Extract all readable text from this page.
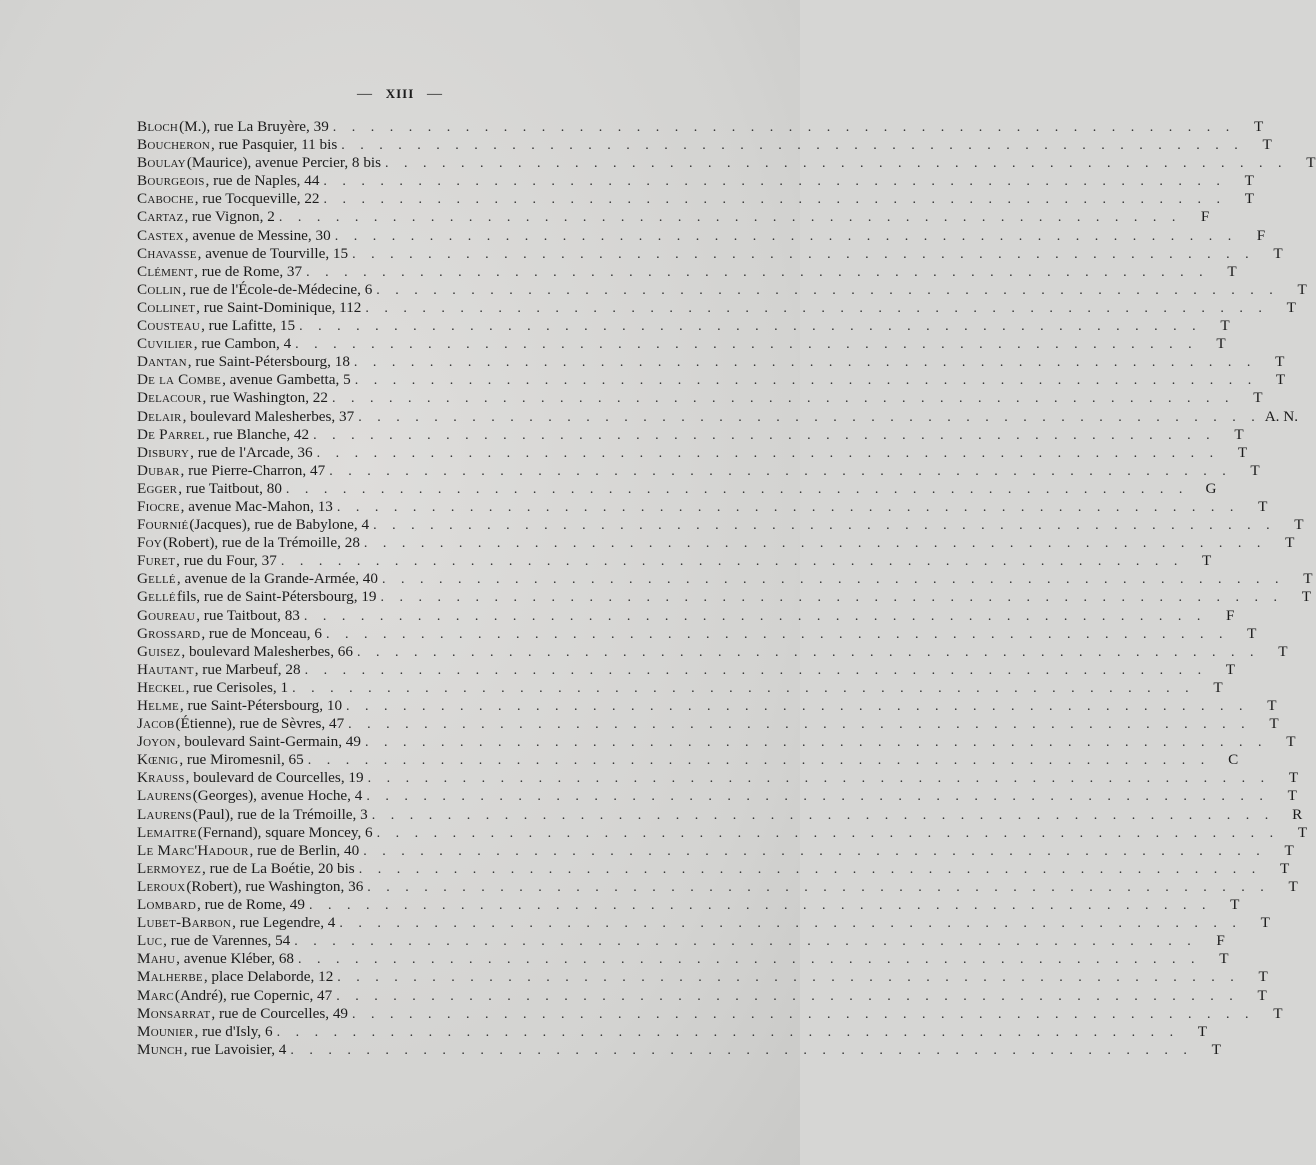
— XIII —
Bloch (M.), rue La Bruyère, 39 . . . . . . . . . . . . . . . . . . . . . . . . . . . . . . . . . . . . . . . . . . . . . . . .	T
Boucheron , rue Pasquier, 11 bis . . . . . . . . . . . . . . . . . . . . . . . . . . . . . . . . . . . . . . . . . . . . . . . .	T
Boulay (Maurice), avenue Percier, 8 bis . . . . . . . . . . . . . . . . . . . . . . . . . . . . . . . . . . . . . . . . . . . . . . . .	T
Bourgeois , rue de Naples, 44 . . . . . . . . . . . . . . . . . . . . . . . . . . . . . . . . . . . . . . . . . . . . . . . .	T
Caboche , rue Tocqueville, 22 . . . . . . . . . . . . . . . . . . . . . . . . . . . . . . . . . . . . . . . . . . . . . . . .	T
Cartaz , rue Vignon, 2 . . . . . . . . . . . . . . . . . . . . . . . . . . . . . . . . . . . . . . . . . . . . . . . .	F
Castex , avenue de Messine, 30 . . . . . . . . . . . . . . . . . . . . . . . . . . . . . . . . . . . . . . . . . . . . . . . .	F
Chavasse , avenue de Tourville, 15 . . . . . . . . . . . . . . . . . . . . . . . . . . . . . . . . . . . . . . . . . . . . . . . .	T
Clément , rue de Rome, 37 . . . . . . . . . . . . . . . . . . . . . . . . . . . . . . . . . . . . . . . . . . . . . . . .	T
Collin , rue de l'École-de-Médecine, 6 . . . . . . . . . . . . . . . . . . . . . . . . . . . . . . . . . . . . . . . . . . . . . . . .	T
Collinet , rue Saint-Dominique, 112 . . . . . . . . . . . . . . . . . . . . . . . . . . . . . . . . . . . . . . . . . . . . . . . .	T
Cousteau , rue Lafitte, 15 . . . . . . . . . . . . . . . . . . . . . . . . . . . . . . . . . . . . . . . . . . . . . . . .	T
Cuvilier , rue Cambon, 4 . . . . . . . . . . . . . . . . . . . . . . . . . . . . . . . . . . . . . . . . . . . . . . . .	T
Dantan , rue Saint-Pétersbourg, 18 . . . . . . . . . . . . . . . . . . . . . . . . . . . . . . . . . . . . . . . . . . . . . . . .	T
De la Combe , avenue Gambetta, 5 . . . . . . . . . . . . . . . . . . . . . . . . . . . . . . . . . . . . . . . . . . . . . . . .	T
Delacour , rue Washington, 22 . . . . . . . . . . . . . . . . . . . . . . . . . . . . . . . . . . . . . . . . . . . . . . . .	T
Delair , boulevard Malesherbes, 37 . . . . . . . . . . . . . . . . . . . . . . . . . . . . . . . . . . . . . . . . . . . . . . . . A. N.
De Parrel , rue Blanche, 42 . . . . . . . . . . . . . . . . . . . . . . . . . . . . . . . . . . . . . . . . . . . . . . . .	T
Disbury , rue de l'Arcade, 36 . . . . . . . . . . . . . . . . . . . . . . . . . . . . . . . . . . . . . . . . . . . . . . . .	T
Dubar , rue Pierre-Charron, 47 . . . . . . . . . . . . . . . . . . . . . . . . . . . . . . . . . . . . . . . . . . . . . . . .	T
Egger , rue Taitbout, 80 . . . . . . . . . . . . . . . . . . . . . . . . . . . . . . . . . . . . . . . . . . . . . . . .	G
Fiocre , avenue Mac-Mahon, 13 . . . . . . . . . . . . . . . . . . . . . . . . . . . . . . . . . . . . . . . . . . . . . . . .	T
Fournié (Jacques), rue de Babylone, 4 . . . . . . . . . . . . . . . . . . . . . . . . . . . . . . . . . . . . . . . . . . . . . . . .	T
Foy (Robert), rue de la Trémoille, 28 . . . . . . . . . . . . . . . . . . . . . . . . . . . . . . . . . . . . . . . . . . . . . . . .	T
Furet , rue du Four, 37 . . . . . . . . . . . . . . . . . . . . . . . . . . . . . . . . . . . . . . . . . . . . . . . .	T
Gellé , avenue de la Grande-Armée, 40 . . . . . . . . . . . . . . . . . . . . . . . . . . . . . . . . . . . . . . . . . . . . . . . .	T
Gellé fils, rue de Saint-Pétersbourg, 19 . . . . . . . . . . . . . . . . . . . . . . . . . . . . . . . . . . . . . . . . . . . . . . . .	T
Goureau , rue Taitbout, 83 . . . . . . . . . . . . . . . . . . . . . . . . . . . . . . . . . . . . . . . . . . . . . . . .	F
Grossard , rue de Monceau, 6 . . . . . . . . . . . . . . . . . . . . . . . . . . . . . . . . . . . . . . . . . . . . . . . .	T
Guisez , boulevard Malesherbes, 66 . . . . . . . . . . . . . . . . . . . . . . . . . . . . . . . . . . . . . . . . . . . . . . . .	T
Hautant , rue Marbeuf, 28 . . . . . . . . . . . . . . . . . . . . . . . . . . . . . . . . . . . . . . . . . . . . . . . .	T
Heckel , rue Cerisoles, 1 . . . . . . . . . . . . . . . . . . . . . . . . . . . . . . . . . . . . . . . . . . . . . . . .	T
Helme , rue Saint-Pétersbourg, 10 . . . . . . . . . . . . . . . . . . . . . . . . . . . . . . . . . . . . . . . . . . . . . . . .	T
Jacob (Étienne), rue de Sèvres, 47 . . . . . . . . . . . . . . . . . . . . . . . . . . . . . . . . . . . . . . . . . . . . . . . .	T
Joyon , boulevard Saint-Germain, 49 . . . . . . . . . . . . . . . . . . . . . . . . . . . . . . . . . . . . . . . . . . . . . . . .	T
Kœnig , rue Miromesnil, 65 . . . . . . . . . . . . . . . . . . . . . . . . . . . . . . . . . . . . . . . . . . . . . . . .	C
Krauss , boulevard de Courcelles, 19 . . . . . . . . . . . . . . . . . . . . . . . . . . . . . . . . . . . . . . . . . . . . . . . .	T
Laurens (Georges), avenue Hoche, 4 . . . . . . . . . . . . . . . . . . . . . . . . . . . . . . . . . . . . . . . . . . . . . . . .	T
Laurens (Paul), rue de la Trémoille, 3 . . . . . . . . . . . . . . . . . . . . . . . . . . . . . . . . . . . . . . . . . . . . . . . .	R
Lemaitre (Fernand), square Moncey, 6 . . . . . . . . . . . . . . . . . . . . . . . . . . . . . . . . . . . . . . . . . . . . . . . .	T
Le Marc'Hadour , rue de Berlin, 40 . . . . . . . . . . . . . . . . . . . . . . . . . . . . . . . . . . . . . . . . . . . . . . . .	T
Lermoyez , rue de La Boétie, 20 bis . . . . . . . . . . . . . . . . . . . . . . . . . . . . . . . . . . . . . . . . . . . . . . . .	T
Leroux (Robert), rue Washington, 36 . . . . . . . . . . . . . . . . . . . . . . . . . . . . . . . . . . . . . . . . . . . . . . . .	T
Lombard , rue de Rome, 49 . . . . . . . . . . . . . . . . . . . . . . . . . . . . . . . . . . . . . . . . . . . . . . . .	T
Lubet-Barbon , rue Legendre, 4 . . . . . . . . . . . . . . . . . . . . . . . . . . . . . . . . . . . . . . . . . . . . . . . .	T
Luc , rue de Varennes, 54 . . . . . . . . . . . . . . . . . . . . . . . . . . . . . . . . . . . . . . . . . . . . . . . .	F
Mahu , avenue Kléber, 68 . . . . . . . . . . . . . . . . . . . . . . . . . . . . . . . . . . . . . . . . . . . . . . . .	T
Malherbe , place Delaborde, 12 . . . . . . . . . . . . . . . . . . . . . . . . . . . . . . . . . . . . . . . . . . . . . . . .	T
Marc (André), rue Copernic, 47 . . . . . . . . . . . . . . . . . . . . . . . . . . . . . . . . . . . . . . . . . . . . . . . .	T
Monsarrat , rue de Courcelles, 49 . . . . . . . . . . . . . . . . . . . . . . . . . . . . . . . . . . . . . . . . . . . . . . . .	T
Mounier , rue d'Isly, 6 . . . . . . . . . . . . . . . . . . . . . . . . . . . . . . . . . . . . . . . . . . . . . . . .	T
Munch , rue Lavoisier, 4 . . . . . . . . . . . . . . . . . . . . . . . . . . . . . . . . . . . . . . . . . . . . . . . .	T
